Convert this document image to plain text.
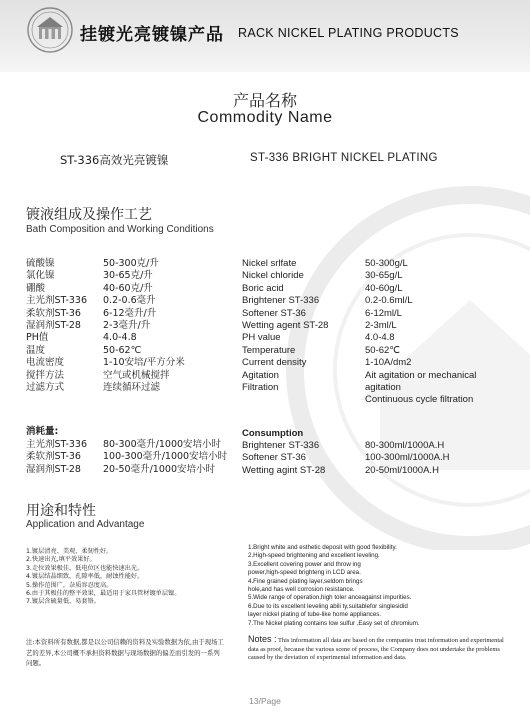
挂镀光亮镀镍产品 RACK NICKEL PLATING PRODUCTS
产品名称
Commodity Name
ST-336高效光亮镀镍	ST-336 BRIGHT NICKEL PLATING
镀液组成及操作工艺
Bath Composition and Working Conditions
硫酸镍
氯化镍
硼酸
主光剂ST-336
柔软剂ST-36
湿润剂ST-28
PH值
温度
电流密度
搅拌方法
过滤方式
50-300克/升
30-65克/升
40-60克/升
0.2-0.6毫升
6-12毫升/升
2-3毫升/升
4.0-4.8
50-62℃
1-10安培/平方分米
空气或机械搅拌
连续循环过滤
Nickel srlfate
Nickel chloride
Boric acid
Brightener ST-336
Softener ST-36
Wetting agent ST-28
PH value
Temperature
Current density
Agitation
Filtration
50-300g/L
30-65g/L
40-60g/L
0.2-0.6ml/L
6-12ml/L
2-3ml/L
4.0-4.8
50-62℃
1-10A/dm2
Ait agitation or mechanical
agitation
Continuous cycle filtration
消耗量:	Consumption
主光剂ST-336
柔软剂ST-36
湿润剂ST-28
80-300毫升/1000安培小时
100-300毫升/1000安培小时
20-50毫升/1000安培小时
Brightener ST-336
Softener ST-36
Wetting agint ST-28
80-300ml/1000A.H
100-300ml/1000A.H
20-50ml/1000A.H
用途和特性
Application and Advantage
1.镀层清亮、美观、柔韧性好。
2.快速出光,填平效果好。
3.走位效果极佳，低电位区也能快速出光。
4.镀层结晶细致，孔隙率低，耐蚀性能好。
5.操作范围广，杂质容忍度高。
6.由于其极佳的整平效果，最适用于家具管材镀单层镍。
7.镀层含硫量低、易套铬。
1.Bright white and esthetic deposit with good flexibility.
2.High-speed brightening and excellent leveling.
3.Excellent covering power and throw ing
power,high-speed brighteng in LCD area.
4.Fine grained plating layer,seldom brings
hole,and has well corrosion resistance.
5.Wide range of operation,high toler anceagainst impurities.
6.Due to its excellent leveling abili ty,suitablefor singlesidid
layer nickel plating of tube-like home appliances.
7.The Nickel plating contains low sulfur ,Easy set of chromium.
注:本资料所有数据,都是以公司信赖的资料及实验数据为依,由于现场工艺的差异,本公司概不承担资料数据与现场数据的偏差而引发的一系列问题。
Notes : This information all data are based on the companies trust information and experimental data as proof, because the various scene of process, the Company does not undertake the problems caused by the deviation of experimental information and data.
13/Page
